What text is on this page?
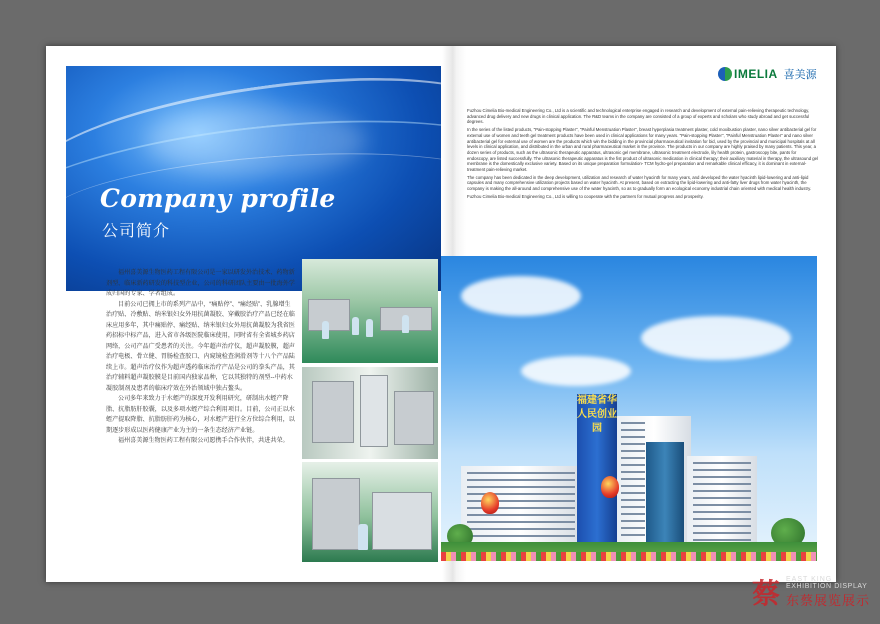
Company profile
公司简介

福州喜美源生物医药工程有限公司是一家以研发外治技术、药物新剂型、临床新药研发的科技型企业，公司的科研团队主要由一批海外学成归国的专家、学者组成。

目前公司已拥上市的系列产品中，“痛贴停”、“痛经贴”、乳腺增生治疗贴、冷敷贴、纳米银妇女外用抗菌凝胶、穿戴胶治疗产品已经在临床应用多年，其中痛贴停、痛经贴、纳米银妇女外用抗菌凝胶为我省医药招标中标产品，进入省市各级医院临床使用，同时省有全省城乡药店网络，公司产品广受患者的关注。今年超声治疗仪，超声凝胶膜，超声治疗电极、骨立健、胃肠检查胶口、内窥镜检查润滑剂等十八个产品陆续上市。超声治疗仪作为超声透药临床治疗产品是公司的拳头产品，其治疗辅料超声凝胶膜是目前国内独家品种，它以其独特的剂型--中药水凝胶制剂及患者的临床疗效在外治领域中独占鳌头。

公司多年来致力于水蛭产的深度开发利用研究，研制出水蛭产降脂、抗脂肪肝胶囊，以及多项水蛭产综合利用项目。目前，公司正以水蛭产提取降脂、抗脂肪肝药为核心，对水蛭产进行全方位综合利用，以期逐步形成以医药健康产业为主的一条生态经济产业链。

福州喜美源生物医药工程有限公司愿携手合作伙伴，共进共荣。

IMELIA 喜美源

Fuzhou Cimelia Bio-medical Engineering Co., Ltd is a scientific and technological enterprise engaged in research and development of external pain-relieving therapeutic technology, advanced drug delivery and new drugs in clinical application. The R&D teams in the company are consisted of a group of experts and scholars who study abroad and get successful degrees.

In the series of the listed products, "Pain-stopping Plaster", "Painful Menstruation Plaster", breast hyperplasia treatment plaster, cold moxibustion plaster, nano silver antibacterial gel for external use of women and teeth gel treatment products have been used in clinical applications for many years. "Pain-stopping Plaster", "Painful Menstruation Plaster" and nano silver antibacterial gel for external use of women are the products which win the bidding in the provincial pharmaceutical invitation for bid, used by the provincial and municipal hospitals at all levels in clinical application, and distributed in the urban and rural pharmaceutical market in the province. The products in our company are highly praised by many patients. This year, a dozen series of products, such as the ultrasonic therapeutic apparatus, ultrasonic gel membrane, ultrasonic treatment electrode, lily health protein, gastroscopy bite, pants for endoscopy, are listed successfully. The ultrasonic therapeutic apparatus is the fist product of ultrasonic medication in clinical therapy; their auxiliary material in therapy, the ultrasound gel membrane is the domestically exclusive variety. Based on its unique preparation formulation- TCM hydro-gel preparation and remarkable clinical efficacy, it is dominant in external-treatment pain-relieving market.

The company has been dedicated in the deep development, utilization and research of water hyacinth for many years, and developed the water hyacinth lipid-lowering and anti-lipid capsules and many comprehensive utilization projects based on water hyacinth. At present, based on extracting the lipid-lowering and anti-fatty liver drugs from water hyacinth, the company is making the all-around and comprehensive use of the water hyacinth, so as to gradually form an ecological economy industrial chain oriented with medical health industry.

Fuzhou Cimelia Bio-medical Engineering Co., Ltd is willing to cooperate with the partners for mutual progress and prosperity.

福建省华人民创业园
蔡 EAST KING
EXHIBITION DISPLAY
东蔡展览展示
